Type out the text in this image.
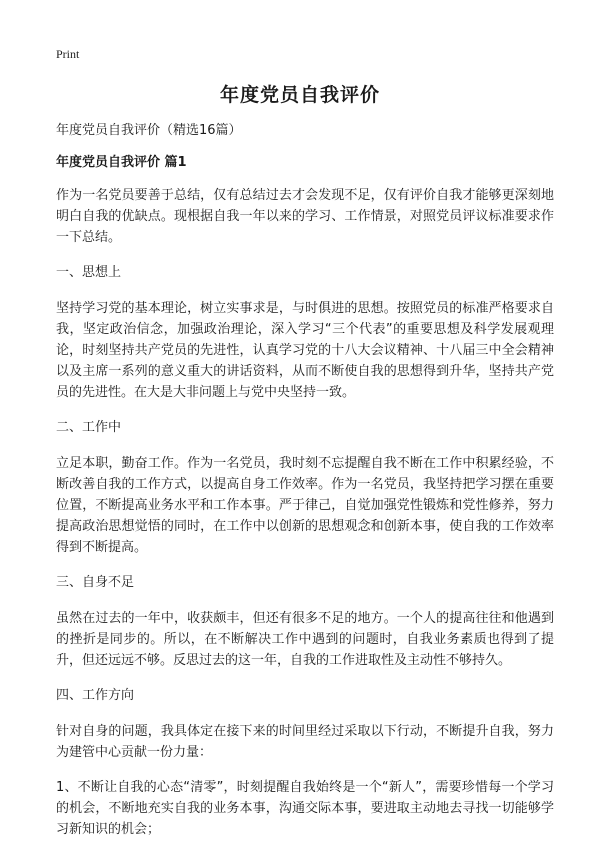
Print
年度党员自我评价

年度党员自我评价（精选16篇）

年度党员自我评价 篇1

作为一名党员要善于总结，仅有总结过去才会发现不足，仅有评价自我才能够更深刻地明白自我的优缺点。现根据自我一年以来的学习、工作情景，对照党员评议标准要求作一下总结。

一、思想上

坚持学习党的基本理论，树立实事求是，与时俱进的思想。按照党员的标准严格要求自我，坚定政治信念，加强政治理论，深入学习“三个代表”的重要思想及科学发展观理论，时刻坚持共产党员的先进性，认真学习党的十八大会议精神、十八届三中全会精神以及主席一系列的意义重大的讲话资料，从而不断使自我的思想得到升华，坚持共产党员的先进性。在大是大非问题上与党中央坚持一致。

二、工作中

立足本职，勤奋工作。作为一名党员，我时刻不忘提醒自我不断在工作中积累经验，不断改善自我的工作方式，以提高自身工作效率。作为一名党员，我坚持把学习摆在重要位置，不断提高业务水平和工作本事。严于律己，自觉加强党性锻炼和党性修养，努力提高政治思想觉悟的同时，在工作中以创新的思想观念和创新本事，使自我的工作效率得到不断提高。

三、自身不足

虽然在过去的一年中，收获颇丰，但还有很多不足的地方。一个人的提高往往和他遇到的挫折是同步的。所以，在不断解决工作中遇到的问题时，自我业务素质也得到了提升，但还远远不够。反思过去的这一年，自我的工作进取性及主动性不够持久。

四、工作方向

针对自身的问题，我具体定在接下来的时间里经过采取以下行动，不断提升自我，努力为建管中心贡献一份力量：

1、不断让自我的心态“清零”，时刻提醒自我始终是一个“新人”，需要珍惜每一个学习的机会，不断地充实自我的业务本事，沟通交际本事，要进取主动地去寻找一切能够学习新知识的机会；
